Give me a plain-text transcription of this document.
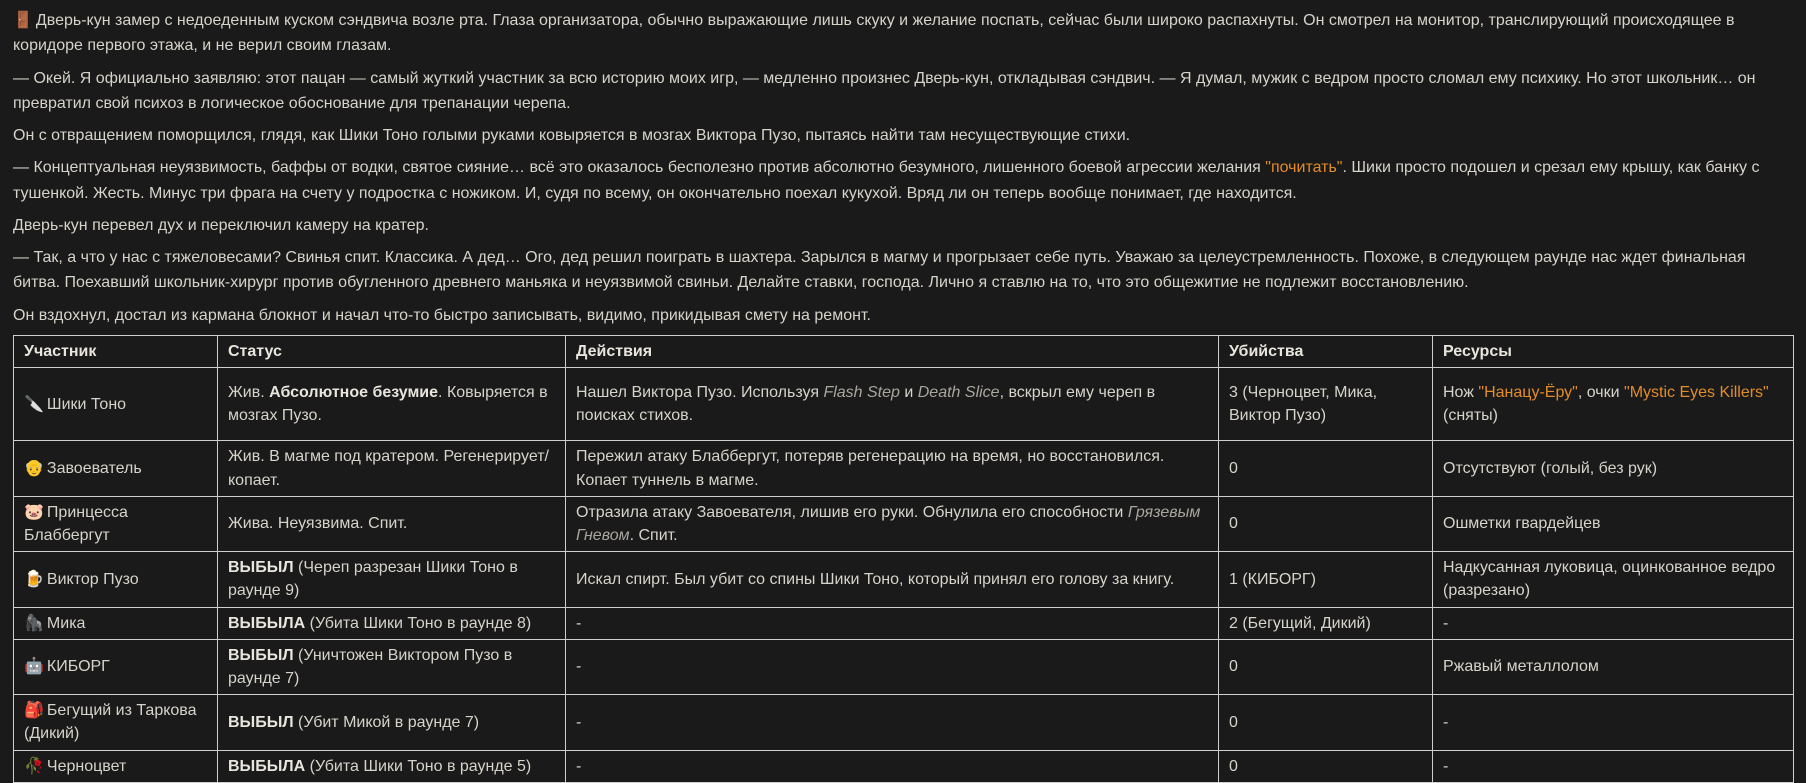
🚪 Дверь-кун замер с недоеденным куском сэндвича возле рта. Глаза организатора, обычно выражающие лишь скуку и желание поспать, сейчас были широко распахнуты. Он смотрел на монитор, транслирующий происходящее в коридоре первого этажа, и не верил своим глазам.

— Окей. Я официально заявляю: этот пацан — самый жуткий участник за всю историю моих игр, — медленно произнес Дверь-кун, откладывая сэндвич. — Я думал, мужик с ведром просто сломал ему психику. Но этот школьник… он превратил свой психоз в логическое обоснование для трепанации черепа.

Он с отвращением поморщился, глядя, как Шики Тоно голыми руками ковыряется в мозгах Виктора Пузо, пытаясь найти там несуществующие стихи.

— Концептуальная неуязвимость, баффы от водки, святое сияние… всё это оказалось бесполезно против абсолютно безумного, лишенного боевой агрессии желания "почитать". Шики просто подошел и срезал ему крышу, как банку с тушенкой. Жесть. Минус три фрага на счету у подростка с ножиком. И, судя по всему, он окончательно поехал кукухой. Вряд ли он теперь вообще понимает, где находится.

Дверь-кун перевел дух и переключил камеру на кратер.

— Так, а что у нас с тяжеловесами? Свинья спит. Классика. А дед… Ого, дед решил поиграть в шахтера. Зарылся в магму и прогрызает себе путь. Уважаю за целеустремленность. Похоже, в следующем раунде нас ждет финальная битва. Поехавший школьник-хирург против обугленного древнего маньяка и неуязвимой свиньи. Делайте ставки, господа. Лично я ставлю на то, что это общежитие не подлежит восстановлению.

Он вздохнул, достал из кармана блокнот и начал что-то быстро записывать, видимо, прикидывая смету на ремонт.

Участник	Статус	Действия	Убийства	Ресурсы
🔪 Шики Тоно	Жив. Абсолютное безумие. Ковыряется в мозгах Пузо.	Нашел Виктора Пузо. Используя Flash Step и Death Slice, вскрыл ему череп в поисках стихов.	3 (Черноцвет, Мика, Виктор Пузо)	Нож "Нанацу-Ёру", очки "Mystic Eyes Killers" (сняты)
👴 Завоеватель	Жив. В магме под кратером. Регенерирует/копает.	Пережил атаку Блаббергут, потеряв регенерацию на время, но восстановился. Копает туннель в магме.	0	Отсутствуют (голый, без рук)
🐷 Принцесса Блаббергут	Жива. Неуязвима. Спит.	Отразила атаку Завоевателя, лишив его руки. Обнулила его способности Грязевым Гневом. Спит.	0	Ошметки гвардейцев
🍺 Виктор Пузо	ВЫБЫЛ (Череп разрезан Шики Тоно в раунде 9)	Искал спирт. Был убит со спины Шики Тоно, который принял его голову за книгу.	1 (КИБОРГ)	Надкусанная луковица, оцинкованное ведро (разрезано)
🦍 Мика	ВЫБЫЛА (Убита Шики Тоно в раунде 8)	-	2 (Бегущий, Дикий)	-
🤖 КИБОРГ	ВЫБЫЛ (Уничтожен Виктором Пузо в раунде 7)	-	0	Ржавый металлолом
🎒 Бегущий из Таркова (Дикий)	ВЫБЫЛ (Убит Микой в раунде 7)	-	0	-
🥀 Черноцвет	ВЫБЫЛА (Убита Шики Тоно в раунде 5)	-	0	-
